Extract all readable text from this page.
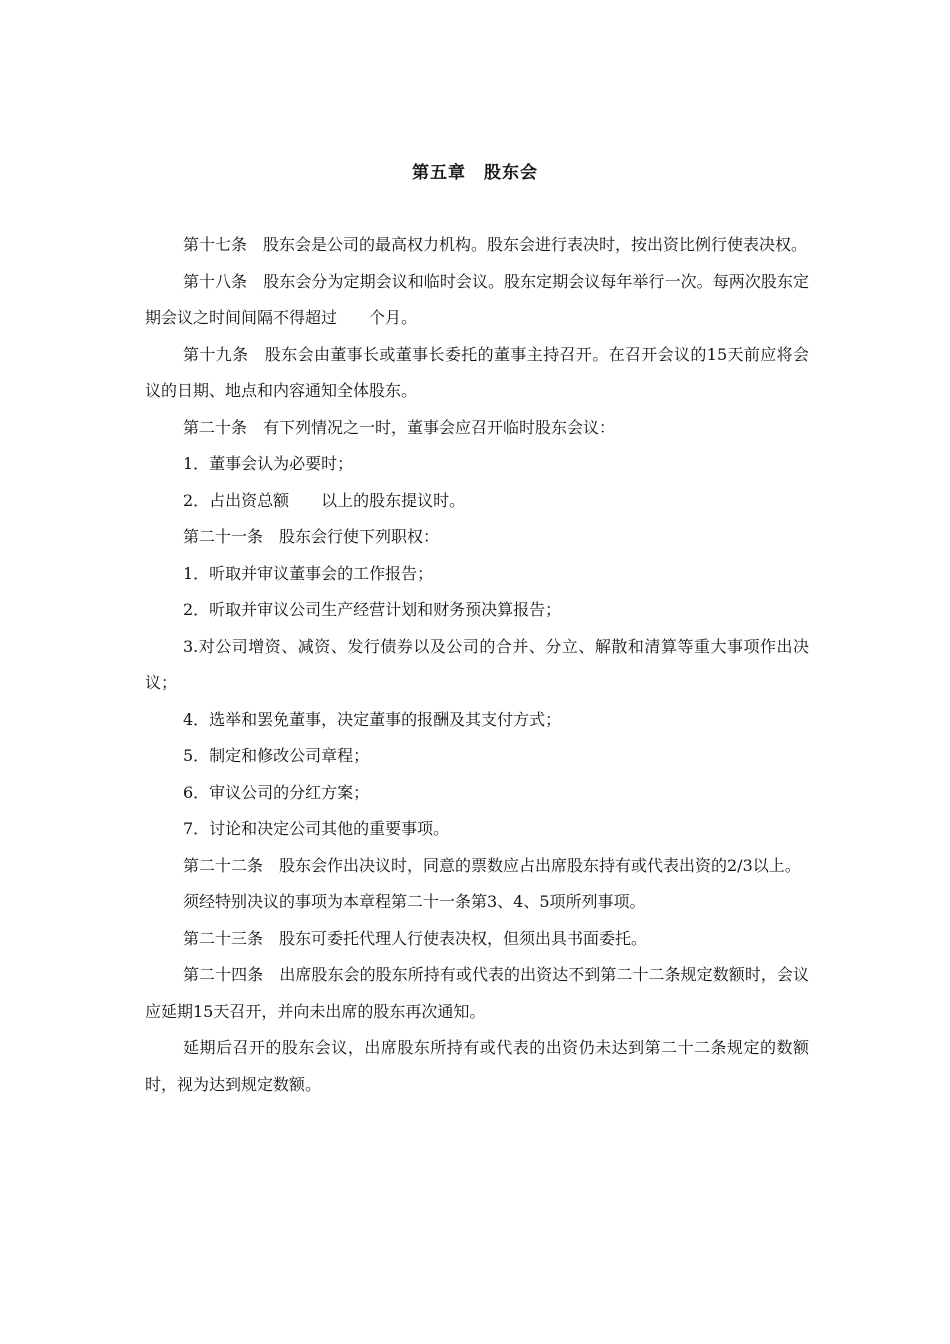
第五章　股东会

第十七条　股东会是公司的最高权力机构。股东会进行表决时，按出资比例行使表决权。

第十八条　股东会分为定期会议和临时会议。股东定期会议每年举行一次。每两次股东定期会议之时间间隔不得超过　　个月。

第十九条　股东会由董事长或董事长委托的董事主持召开。在召开会议的15天前应将会议的日期、地点和内容通知全体股东。

第二十条　有下列情况之一时，董事会应召开临时股东会议：

1．董事会认为必要时；

2．占出资总额　　以上的股东提议时。

第二十一条　股东会行使下列职权：

1．听取并审议董事会的工作报告；

2．听取并审议公司生产经营计划和财务预决算报告；

3.对公司增资、减资、发行债券以及公司的合并、分立、解散和清算等重大事项作出决议；

4．选举和罢免董事，决定董事的报酬及其支付方式；

5．制定和修改公司章程；

6．审议公司的分红方案；

7．讨论和决定公司其他的重要事项。

第二十二条　股东会作出决议时，同意的票数应占出席股东持有或代表出资的2/3以上。

须经特别决议的事项为本章程第二十一条第3、4、5项所列事项。

第二十三条　股东可委托代理人行使表决权，但须出具书面委托。

第二十四条　出席股东会的股东所持有或代表的出资达不到第二十二条规定数额时，会议应延期15天召开，并向未出席的股东再次通知。

延期后召开的股东会议，出席股东所持有或代表的出资仍未达到第二十二条规定的数额时，视为达到规定数额。
